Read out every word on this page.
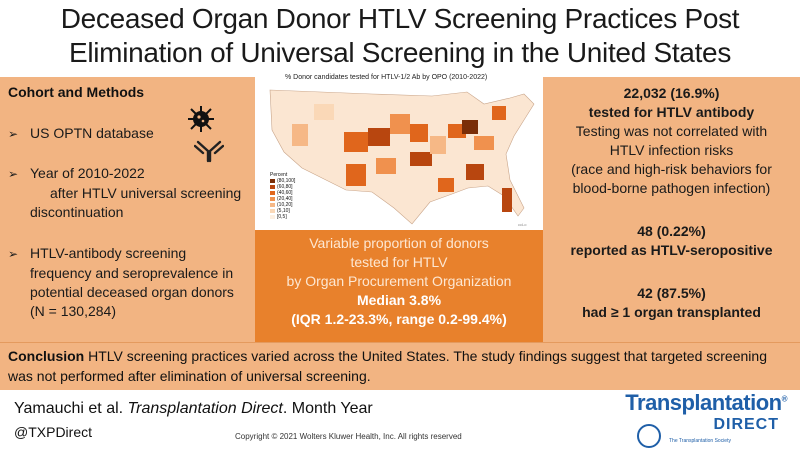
Deceased Organ Donor HTLV Screening Practices Post
Elimination of Universal Screening in the United States
Cohort and Methods
➢ US OPTN database
➢ Year of 2010-2022
after HTLV universal screening
discontinuation
➢ HTLV-antibody screening
frequency and seroprevalence in
potential deceased organ donors
(N = 130,284)
% Donor candidates tested for HTLV-1/2 Ab by OPO (2010-2022)
Percent
(80,100]
(60,80]
(40,60]
(20,40]
(10,20]
(5,10]
[0,5]
ccLo
Variable proportion of donors
tested for HTLV
by Organ Procurement Organization
Median 3.8%
(IQR 1.2-23.3%, range 0.2-99.4%)
22,032 (16.9%)
tested for HTLV antibody
Testing was not correlated with
HTLV infection risks
(race and high-risk behaviors for
blood-borne pathogen infection)
48 (0.22%)
reported as HTLV-seropositive
42 (87.5%)
had ≥ 1 organ transplanted
Conclusion HTLV screening practices varied across the United States. The study findings suggest that targeted screening was not performed after elimination of universal screening.
Yamauchi et al. Transplantation Direct. Month Year
@TXPDirect	Copyright © 2021 Wolters Kluwer Health, Inc. All rights reserved
Transplantation®
DIRECT
The Transplantation Society
